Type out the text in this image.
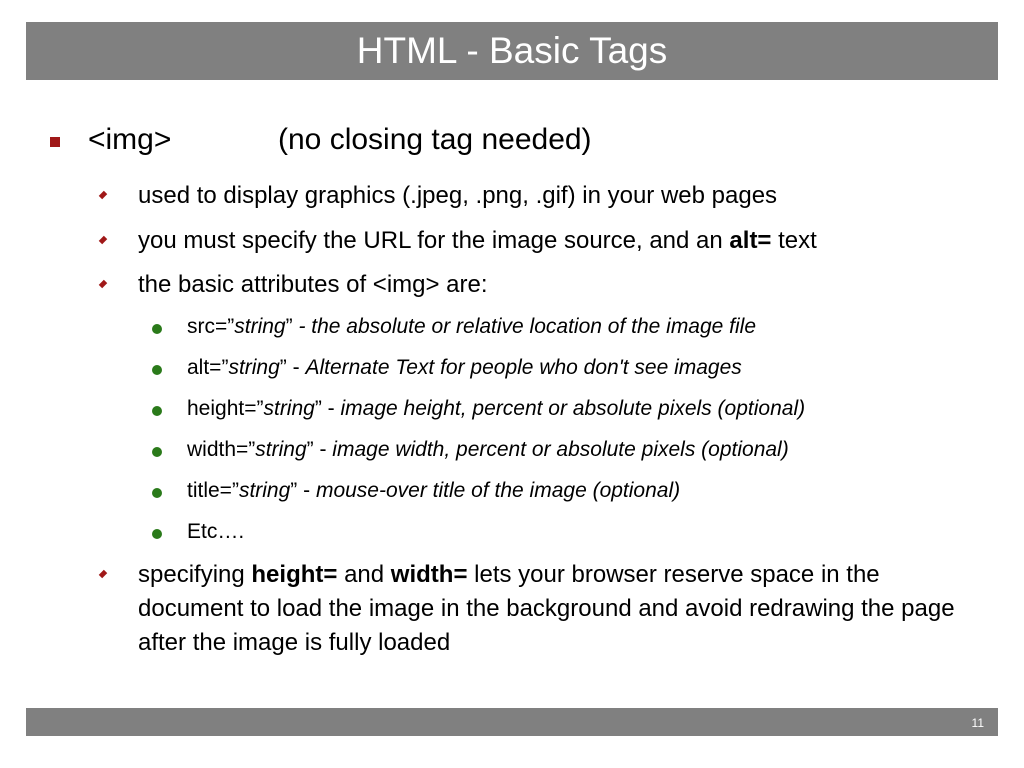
HTML - Basic Tags
<img>	(no closing tag needed)
used to display graphics (.jpeg, .png, .gif) in your web pages
you must specify the URL for the image source, and an alt= text
the basic attributes of <img> are:
src=”string” - the absolute or relative location of the image file
alt=”string” - Alternate Text for people who don't see images
height=”string” - image height, percent or absolute pixels (optional)
width=”string” - image width, percent or absolute pixels (optional)
title=”string” - mouse-over title of the image (optional)
Etc….
specifying height= and width= lets your browser reserve space in the document to load the image in the background and avoid redrawing the page after the image is fully loaded
11
